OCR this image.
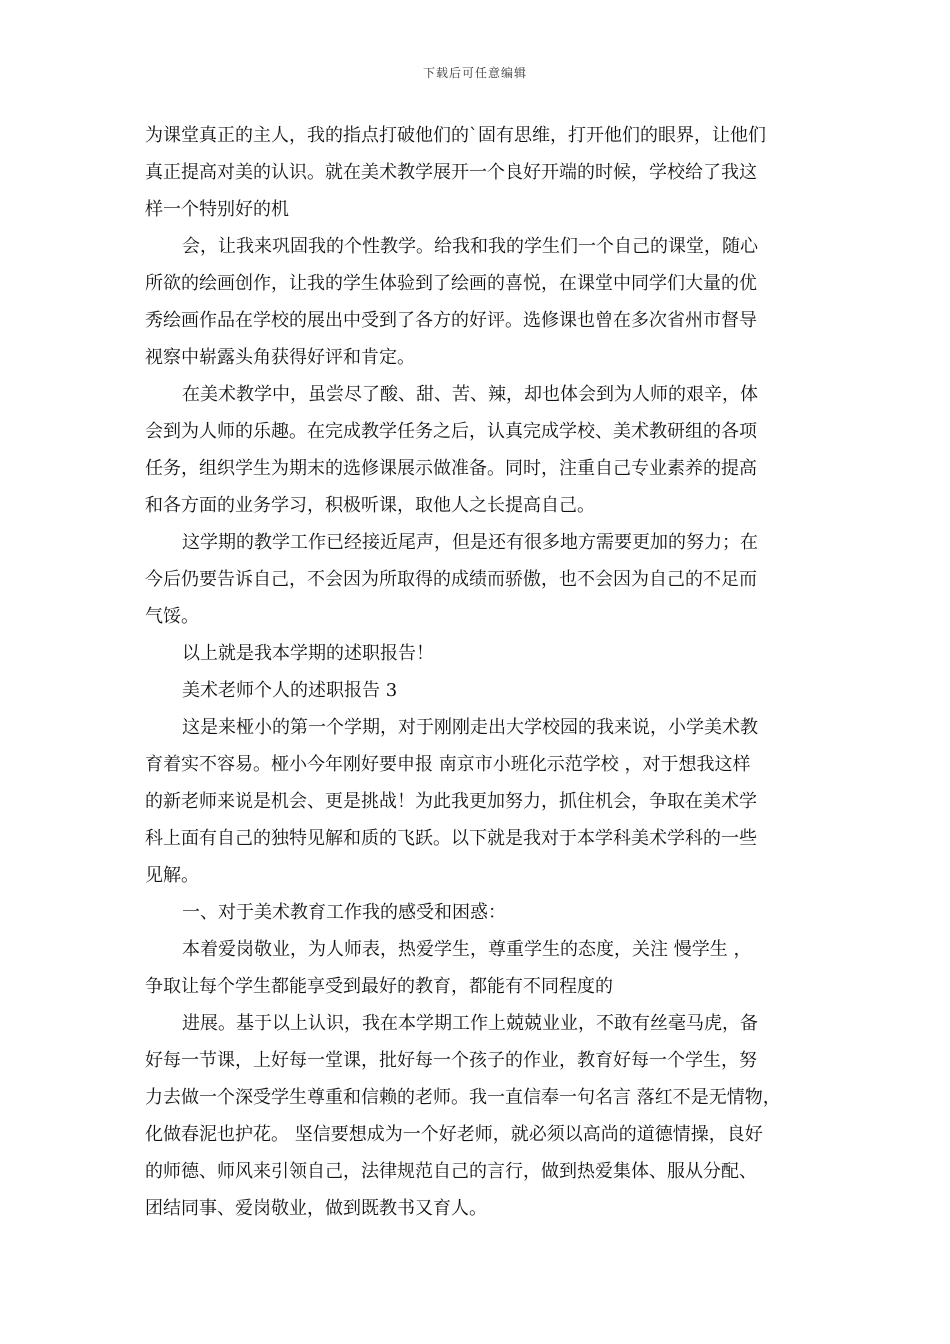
下载后可任意编辑
为课堂真正的主人，我的指点打破他们的`固有思维，打开他们的眼界，让他们
真正提高对美的认识。就在美术教学展开一个良好开端的时候，学校给了我这
样一个特别好的机
会，让我来巩固我的个性教学。给我和我的学生们一个自己的课堂，随心
所欲的绘画创作，让我的学生体验到了绘画的喜悦，在课堂中同学们大量的优
秀绘画作品在学校的展出中受到了各方的好评。选修课也曾在多次省州市督导
视察中崭露头角获得好评和肯定。
在美术教学中，虽尝尽了酸、甜、苦、辣，却也体会到为人师的艰辛，体
会到为人师的乐趣。在完成教学任务之后，认真完成学校、美术教研组的各项
任务，组织学生为期末的选修课展示做准备。同时，注重自己专业素养的提高
和各方面的业务学习，积极听课，取他人之长提高自己。
这学期的教学工作已经接近尾声，但是还有很多地方需要更加的努力；在
今后仍要告诉自己，不会因为所取得的成绩而骄傲，也不会因为自己的不足而
气馁。
以上就是我本学期的述职报告！
美术老师个人的述职报告 3
这是来桠小的第一个学期，对于刚刚走出大学校园的我来说，小学美术教
育着实不容易。桠小今年刚好要申报 南京市小班化示范学校 ，对于想我这样
的新老师来说是机会、更是挑战！为此我更加努力，抓住机会，争取在美术学
科上面有自己的独特见解和质的飞跃。以下就是我对于本学科美术学科的一些
见解。
一、对于美术教育工作我的感受和困惑：
本着爱岗敬业，为人师表，热爱学生，尊重学生的态度，关注 慢学生 ，
争取让每个学生都能享受到最好的教育，都能有不同程度的
进展。基于以上认识，我在本学期工作上兢兢业业，不敢有丝毫马虎，备
好每一节课，上好每一堂课，批好每一个孩子的作业，教育好每一个学生，努
力去做一个深受学生尊重和信赖的老师。我一直信奉一句名言 落红不是无情物，
化做春泥也护花。 坚信要想成为一个好老师，就必须以高尚的道德情操，良好
的师德、师风来引领自己，法律规范自己的言行，做到热爱集体、服从分配、
团结同事、爱岗敬业，做到既教书又育人。
